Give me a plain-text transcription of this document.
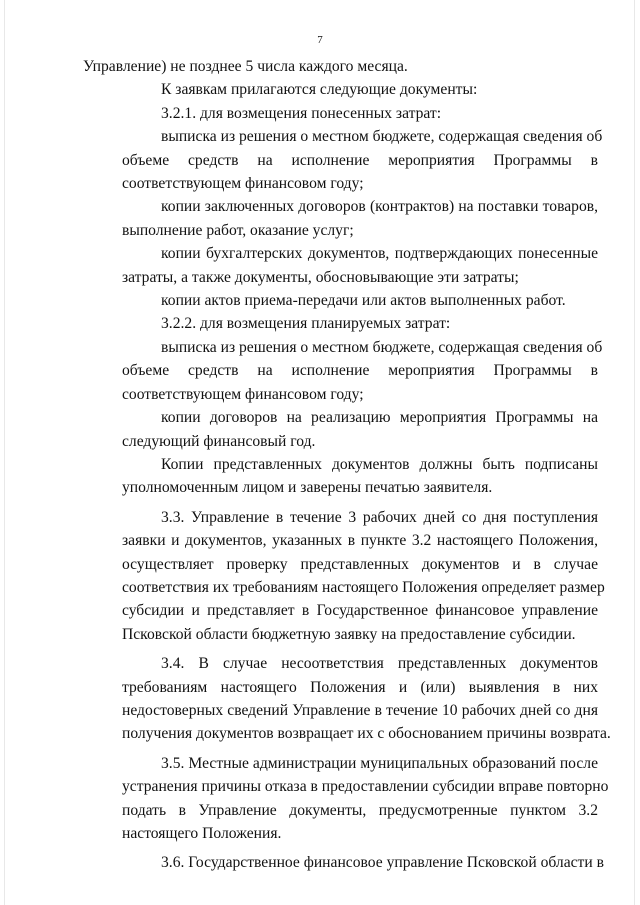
7

Управление) не позднее 5 числа каждого месяца.

К заявкам прилагаются следующие документы:

3.2.1. для возмещения понесенных затрат:

выписка из решения о местном бюджете, содержащая сведения обобъеме средств на исполнение мероприятия Программы всоответствующем финансовом году;

копии заключенных договоров (контрактов) на поставки товаров,выполнение работ, оказание услуг;

копии бухгалтерских документов, подтверждающих понесенныезатраты, а также документы, обосновывающие эти затраты;

копии актов приема-передачи или актов выполненных работ.

3.2.2. для возмещения планируемых затрат:

выписка из решения о местном бюджете, содержащая сведения обобъеме средств на исполнение мероприятия Программы всоответствующем финансовом году;

копии договоров на реализацию мероприятия Программы наследующий финансовый год.

Копии представленных документов должны быть подписаныуполномоченным лицом и заверены печатью заявителя.

3.3. Управление в течение 3 рабочих дней со дня поступлениязаявки и документов, указанных в пункте 3.2 настоящего Положения,осуществляет проверку представленных документов и в случаесоответствия их требованиям настоящего Положения определяет размерсубсидии и представляет в Государственное финансовое управлениеПсковской области бюджетную заявку на предоставление субсидии.

3.4. В случае несоответствия представленных документовтребованиям настоящего Положения и (или) выявления в нихнедостоверных сведений Управление в течение 10 рабочих дней со дняполучения документов возвращает их с обоснованием причины возврата.

3.5. Местные администрации муниципальных образований послеустранения причины отказа в предоставлении субсидии вправе повторноподать в Управление документы, предусмотренные пунктом 3.2настоящего Положения.

3.6. Государственное финансовое управление Псковской области в
